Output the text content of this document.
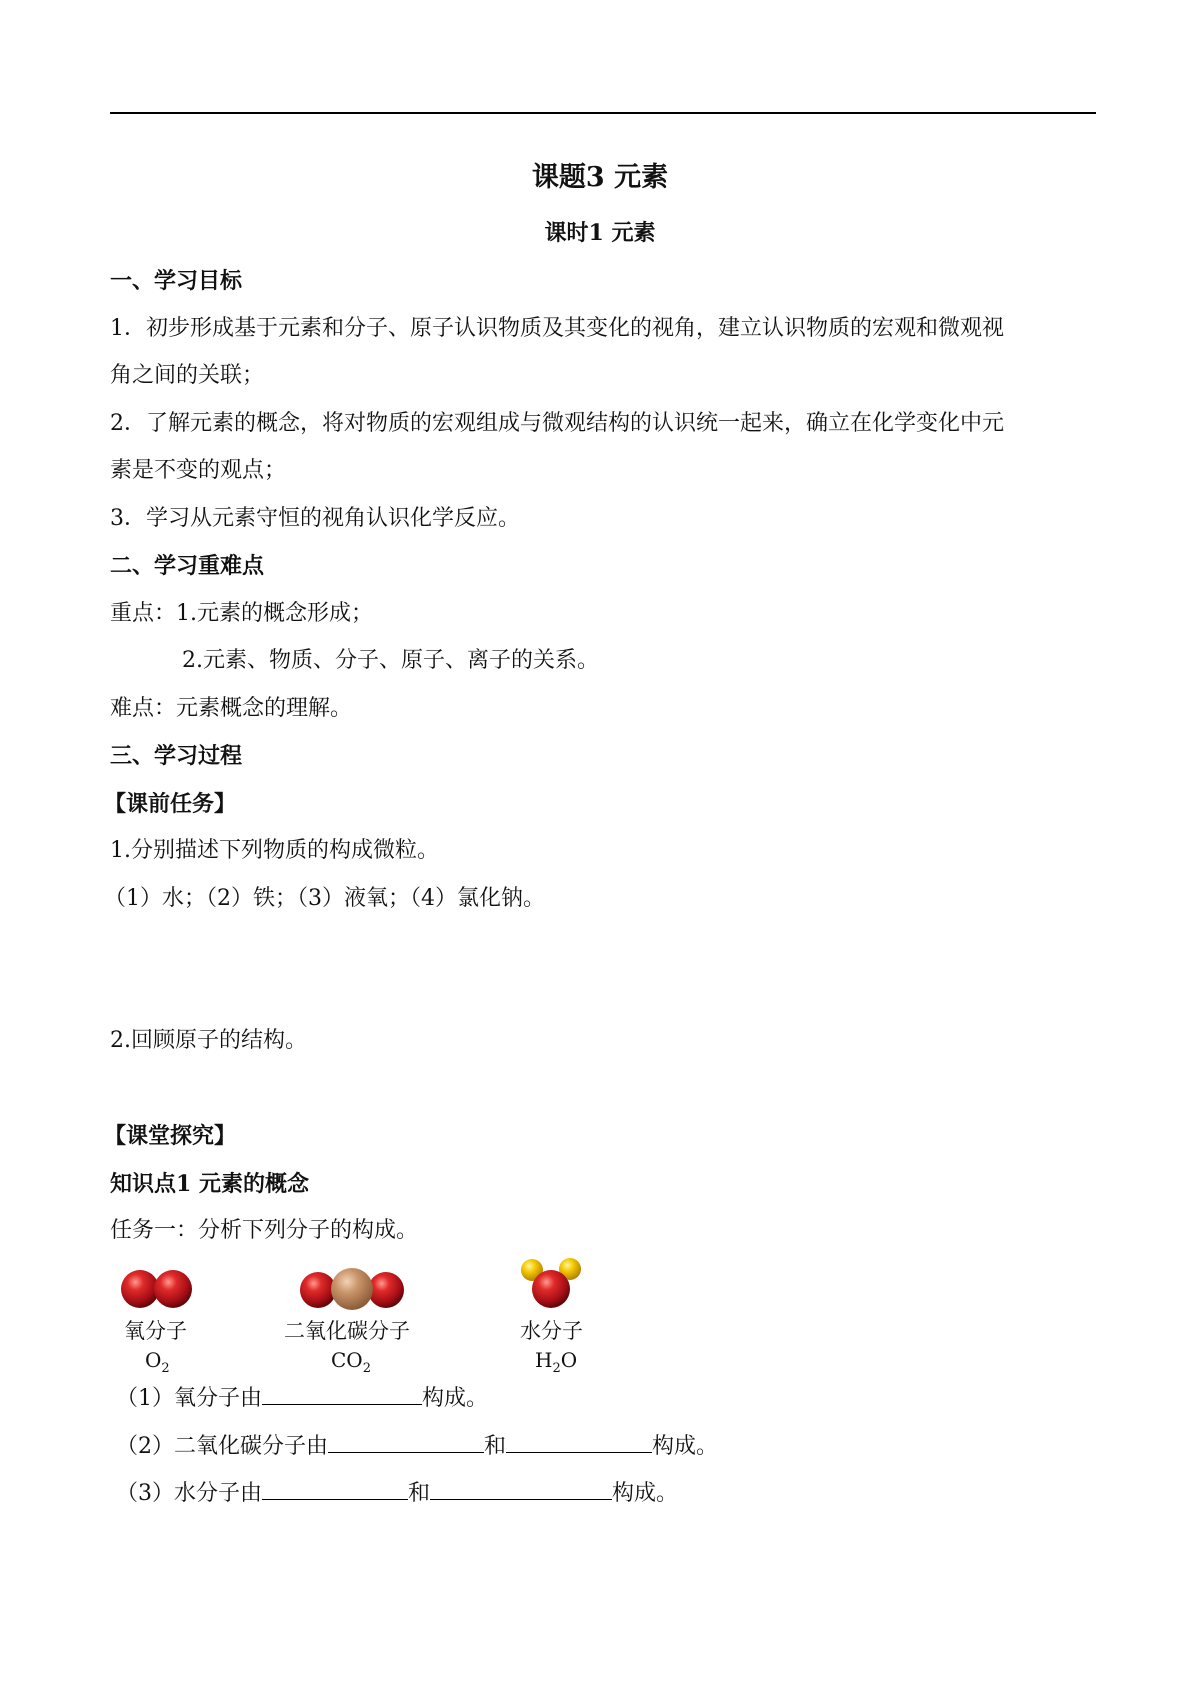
课题3 元素
课时1 元素
一、学习目标
1．初步形成基于元素和分子、原子认识物质及其变化的视角，建立认识物质的宏观和微观视
角之间的关联；
2．了解元素的概念，将对物质的宏观组成与微观结构的认识统一起来，确立在化学变化中元
素是不变的观点；
3．学习从元素守恒的视角认识化学反应。
二、学习重难点
重点：1.元素的概念形成；
2.元素、物质、分子、原子、离子的关系。
难点：元素概念的理解。
三、学习过程
【课前任务】
1.分别描述下列物质的构成微粒。
（1）水；（2）铁；（3）液氧；（4）氯化钠。
2.回顾原子的结构。
【课堂探究】
知识点1 元素的概念
任务一：分析下列分子的构成。
氧分子
$O_2$
二氧化碳分子
$CO_2$
水分子
$H_2O$
（1）氧分子由	构成。
（2）二氧化碳分子由	和	构成。
（3）水分子由	和	构成。
